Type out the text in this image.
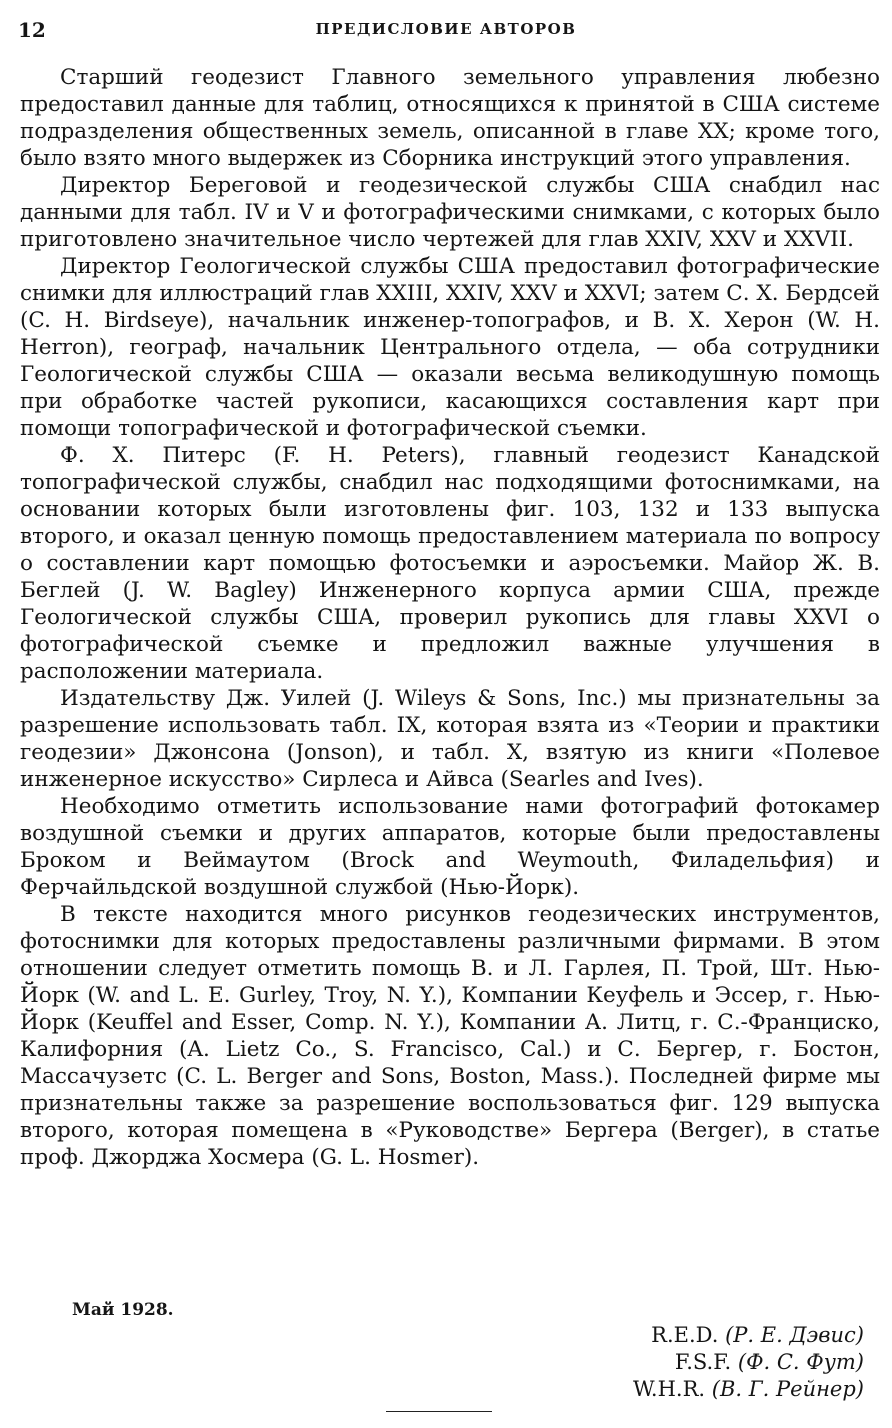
12	ПРЕДИСЛОВИЕ АВТОРОВ

Старший геодезист Главного земельного управления любезно предоставил данные для таблиц, относящихся к принятой в США системе подразделения общественных земель, описанной в главе XX; кроме того, было взято много выдержек из Сборника инструкций этого управления.

Директор Береговой и геодезической службы США снабдил нас данными для табл. IV и V и фотографическими снимками, с которых было приготовлено значительное число чертежей для глав XXIV, XXV и XXVII.

Директор Геологической службы США предоставил фотографические снимки для иллюстраций глав XXIII, XXIV, XXV и XXVI; затем С. Х. Бердсей (C. H. Birdseye), начальник инженер-топографов, и В. Х. Херон (W. H. Herron), географ, начальник Центрального отдела, — оба сотрудники Геологической службы США — оказали весьма великодушную помощь при обработке частей рукописи, касающихся составления карт при помощи топографической и фотографической съемки.

Ф. Х. Питерс (F. H. Peters), главный геодезист Канадской топографической службы, снабдил нас подходящими фотоснимками, на основании которых были изготовлены фиг. 103, 132 и 133 выпуска второго, и оказал ценную помощь предоставлением материала по вопросу о составлении карт помощью фотосъемки и аэросъемки. Майор Ж. В. Беглей (J. W. Bagley) Инженерного корпуса армии США, прежде Геологической службы США, проверил рукопись для главы XXVI о фотографической съемке и предложил важные улучшения в расположении материала.

Издательству Дж. Уилей (J. Wileys & Sons, Inc.) мы признательны за разрешение использовать табл. IX, которая взята из «Теории и практики геодезии» Джонсона (Jonson), и табл. X, взятую из книги «Полевое инженерное искусство» Сирлеса и Айвса (Searles and Ives).

Необходимо отметить использование нами фотографий фотокамер воздушной съемки и других аппаратов, которые были предоставлены Броком и Веймаутом (Brock and Weymouth, Филадельфия) и Ферчайльдской воздушной службой (Нью-Йорк).

В тексте находится много рисунков геодезических инструментов, фотоснимки для которых предоставлены различными фирмами. В этом отношении следует отметить помощь В. и Л. Гарлея, П. Трой, Шт. Нью-Йорк (W. and L. E. Gurley, Troy, N. Y.), Компании Кеуфель и Эссер, г. Нью-Йорк (Keuffel and Esser, Comp. N. Y.), Компании А. Литц, г. С.-Франциско, Калифорния (A. Lietz Co., S. Francisco, Cal.) и С. Бергер, г. Бостон, Массачузетс (C. L. Berger and Sons, Boston, Mass.). Последней фирме мы признательны также за разрешение воспользоваться фиг. 129 выпуска второго, которая помещена в «Руководстве» Бергера (Berger), в статье проф. Джорджа Хосмера (G. L. Hosmer).

Май 1928.
R.E.D. (Р. Е. Дэвис)
F.S.F. (Ф. С. Фут)
W.H.R. (В. Г. Рейнер)
